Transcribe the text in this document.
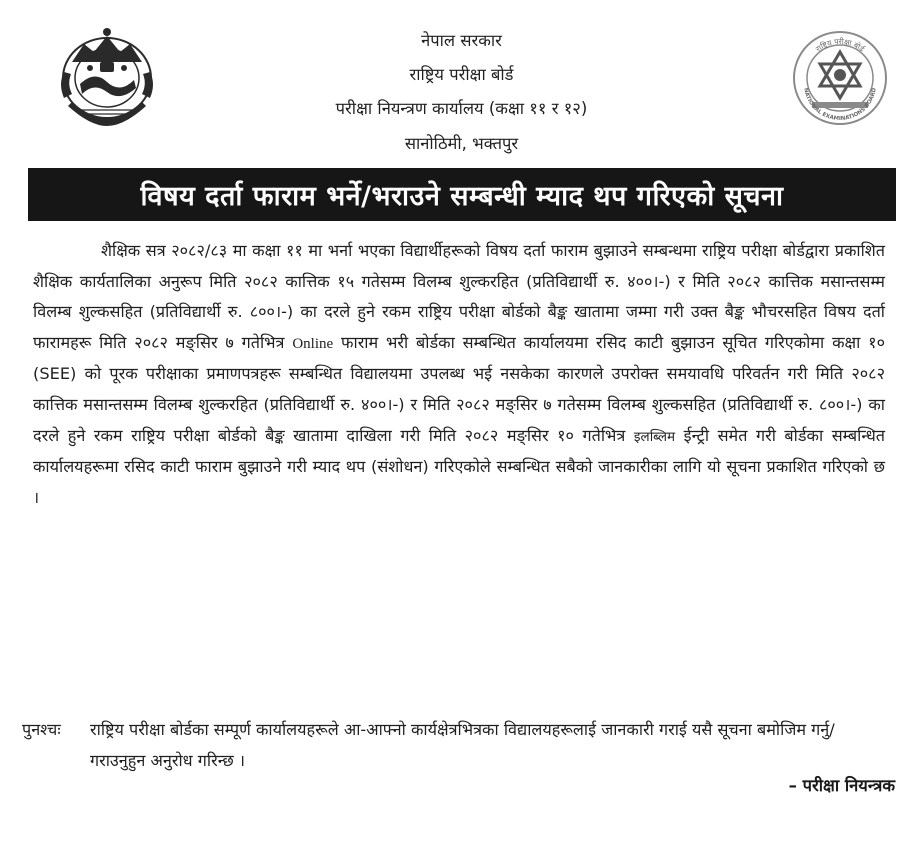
नेपाल सरकार
राष्ट्रिय परीक्षा बोर्ड
परीक्षा नियन्त्रण कार्यालय (कक्षा ११ र १२)
सानोठिमी, भक्तपुर
राष्ट्रिय परीक्षा बोर्ड
NATIONAL EXAMINATIONS BOARD
विषय दर्ता फाराम भर्ने/भराउने सम्बन्धी म्याद थप गरिएको सूचना
शैक्षिक सत्र २०८२/८३ मा कक्षा ११ मा भर्ना भएका विद्यार्थीहरूको विषय दर्ता फाराम बुझाउने सम्बन्धमा राष्ट्रिय परीक्षा बोर्डद्वारा प्रकाशित शैक्षिक कार्यतालिका अनुरूप मिति २०८२ कात्तिक १५ गतेसम्म विलम्ब शुल्करहित (प्रतिविद्यार्थी रु. ४००।-) र मिति २०८२ कात्तिक मसान्तसम्म विलम्ब शुल्कसहित (प्रतिविद्यार्थी रु. ८००।-) का दरले हुने रकम राष्ट्रिय परीक्षा बोर्डको बैङ्क खातामा जम्मा गरी उक्त बैङ्क भौचरसहित विषय दर्ता फारामहरू मिति २०८२ मङ्सिर ७ गतेभित्र Online फाराम भरी बोर्डका सम्बन्धित कार्यालयमा रसिद काटी बुझाउन सूचित गरिएकोमा कक्षा १० (SEE) को पूरक परीक्षाका प्रमाणपत्रहरू सम्बन्धित विद्यालयमा उपलब्ध भई नसकेका कारणले उपरोक्त समयावधि परिवर्तन गरी मिति २०८२ कात्तिक मसान्तसम्म विलम्ब शुल्करहित (प्रतिविद्यार्थी रु. ४००।-) र मिति २०८२ मङ्सिर ७ गतेसम्म विलम्ब शुल्कसहित (प्रतिविद्यार्थी रु. ८००।-) का दरले हुने रकम राष्ट्रिय परीक्षा बोर्डको बैङ्क खातामा दाखिला गरी मिति २०८२ मङ्सिर १० गतेभित्र इलब्लिम ईन्ट्री समेत गरी बोर्डका सम्बन्धित कार्यालयहरूमा रसिद काटी फाराम बुझाउने गरी म्याद थप (संशोधन) गरिएकोले सम्बन्धित सबैको जानकारीका लागि यो सूचना प्रकाशित गरिएको छ ।
पुनश्चः	राष्ट्रिय परीक्षा बोर्डका सम्पूर्ण कार्यालयहरूले आ-आफ्नो कार्यक्षेत्रभित्रका विद्यालयहरूलाई जानकारी गराई यसै सूचना बमोजिम गर्नु/गराउनुहुन अनुरोध गरिन्छ ।
– परीक्षा नियन्त्रक
